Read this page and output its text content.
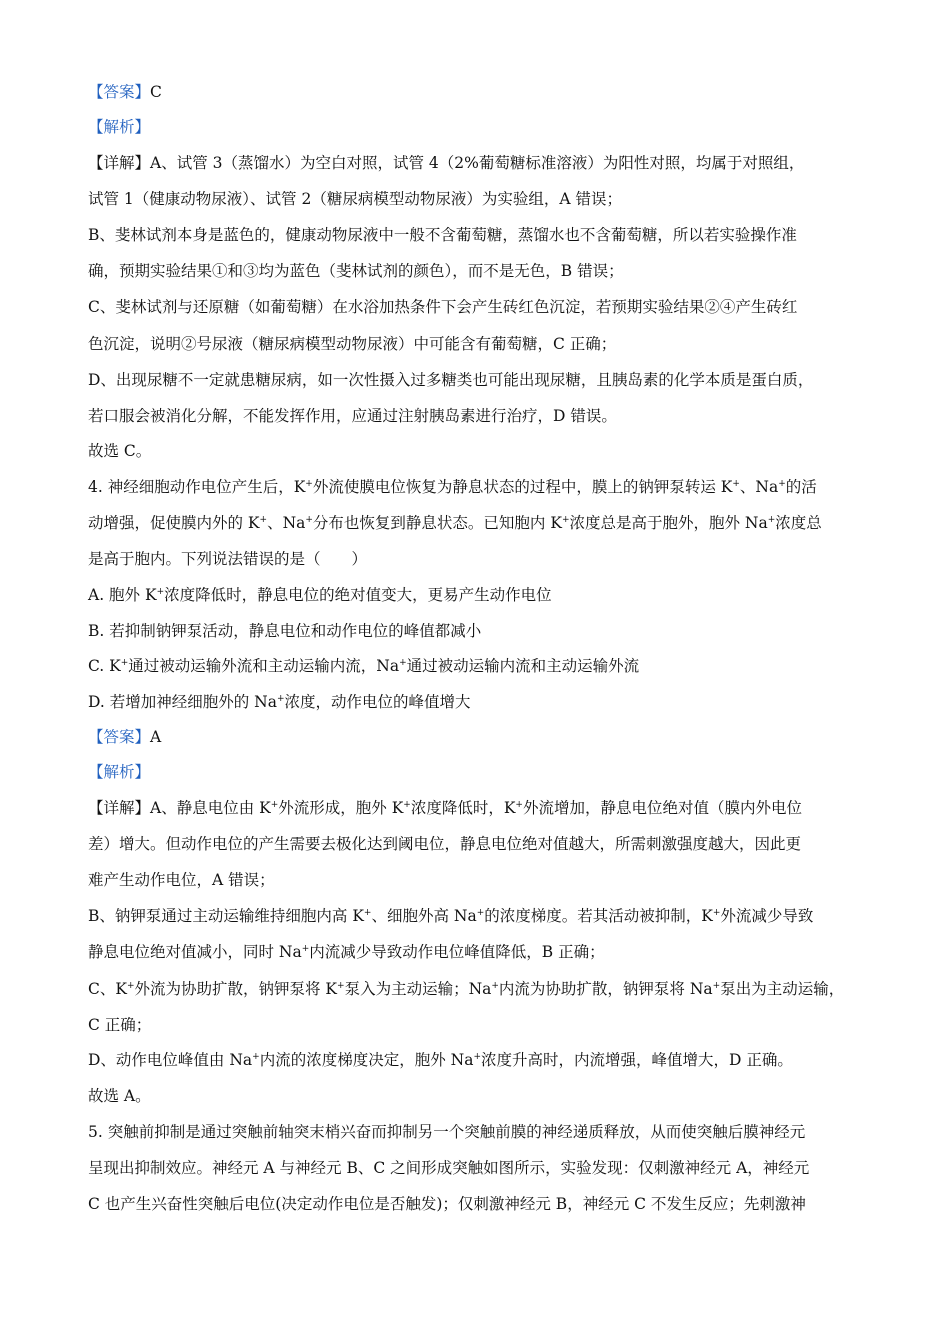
【答案】C
【解析】
【详解】A、试管 3（蒸馏水）为空白对照，试管 4（2%葡萄糖标准溶液）为阳性对照，均属于对照组，
试管 1（健康动物尿液）、试管 2（糖尿病模型动物尿液）为实验组，A 错误；
B、斐林试剂本身是蓝色的，健康动物尿液中一般不含葡萄糖，蒸馏水也不含葡萄糖，所以若实验操作准
确，预期实验结果①和③均为蓝色（斐林试剂的颜色），而不是无色，B 错误；
C、斐林试剂与还原糖（如葡萄糖）在水浴加热条件下会产生砖红色沉淀，若预期实验结果②④产生砖红
色沉淀，说明②号尿液（糖尿病模型动物尿液）中可能含有葡萄糖，C 正确；
D、出现尿糖不一定就患糖尿病，如一次性摄入过多糖类也可能出现尿糖，且胰岛素的化学本质是蛋白质，
若口服会被消化分解，不能发挥作用，应通过注射胰岛素进行治疗，D 错误。
故选 C。
4. 神经细胞动作电位产生后，K+外流使膜电位恢复为静息状态的过程中，膜上的钠钾泵转运 K+、Na+的活
动增强，促使膜内外的 K+、Na+分布也恢复到静息状态。已知胞内 K+浓度总是高于胞外，胞外 Na+浓度总
是高于胞内。下列说法错误的是（　　）
A. 胞外 K+浓度降低时，静息电位的绝对值变大，更易产生动作电位
B. 若抑制钠钾泵活动，静息电位和动作电位的峰值都减小
C. K+通过被动运输外流和主动运输内流，Na+通过被动运输内流和主动运输外流
D. 若增加神经细胞外的 Na+浓度，动作电位的峰值增大
【答案】A
【解析】
【详解】A、静息电位由 K+外流形成，胞外 K+浓度降低时，K+外流增加，静息电位绝对值（膜内外电位
差）增大。但动作电位的产生需要去极化达到阈电位，静息电位绝对值越大，所需刺激强度越大，因此更
难产生动作电位，A 错误；
B、钠钾泵通过主动运输维持细胞内高 K+、细胞外高 Na+的浓度梯度。若其活动被抑制，K+外流减少导致
静息电位绝对值减小，同时 Na+内流减少导致动作电位峰值降低，B 正确；
C、K+外流为协助扩散，钠钾泵将 K+泵入为主动运输；Na+内流为协助扩散，钠钾泵将 Na+泵出为主动运输，
C 正确；
D、动作电位峰值由 Na+内流的浓度梯度决定，胞外 Na+浓度升高时，内流增强，峰值增大，D 正确。
故选 A。
5. 突触前抑制是通过突触前轴突末梢兴奋而抑制另一个突触前膜的神经递质释放，从而使突触后膜神经元
呈现出抑制效应。神经元 A 与神经元 B、C 之间形成突触如图所示，实验发现：仅刺激神经元 A，神经元
C 也产生兴奋性突触后电位(决定动作电位是否触发)；仅刺激神经元 B，神经元 C 不发生反应；先刺激神
